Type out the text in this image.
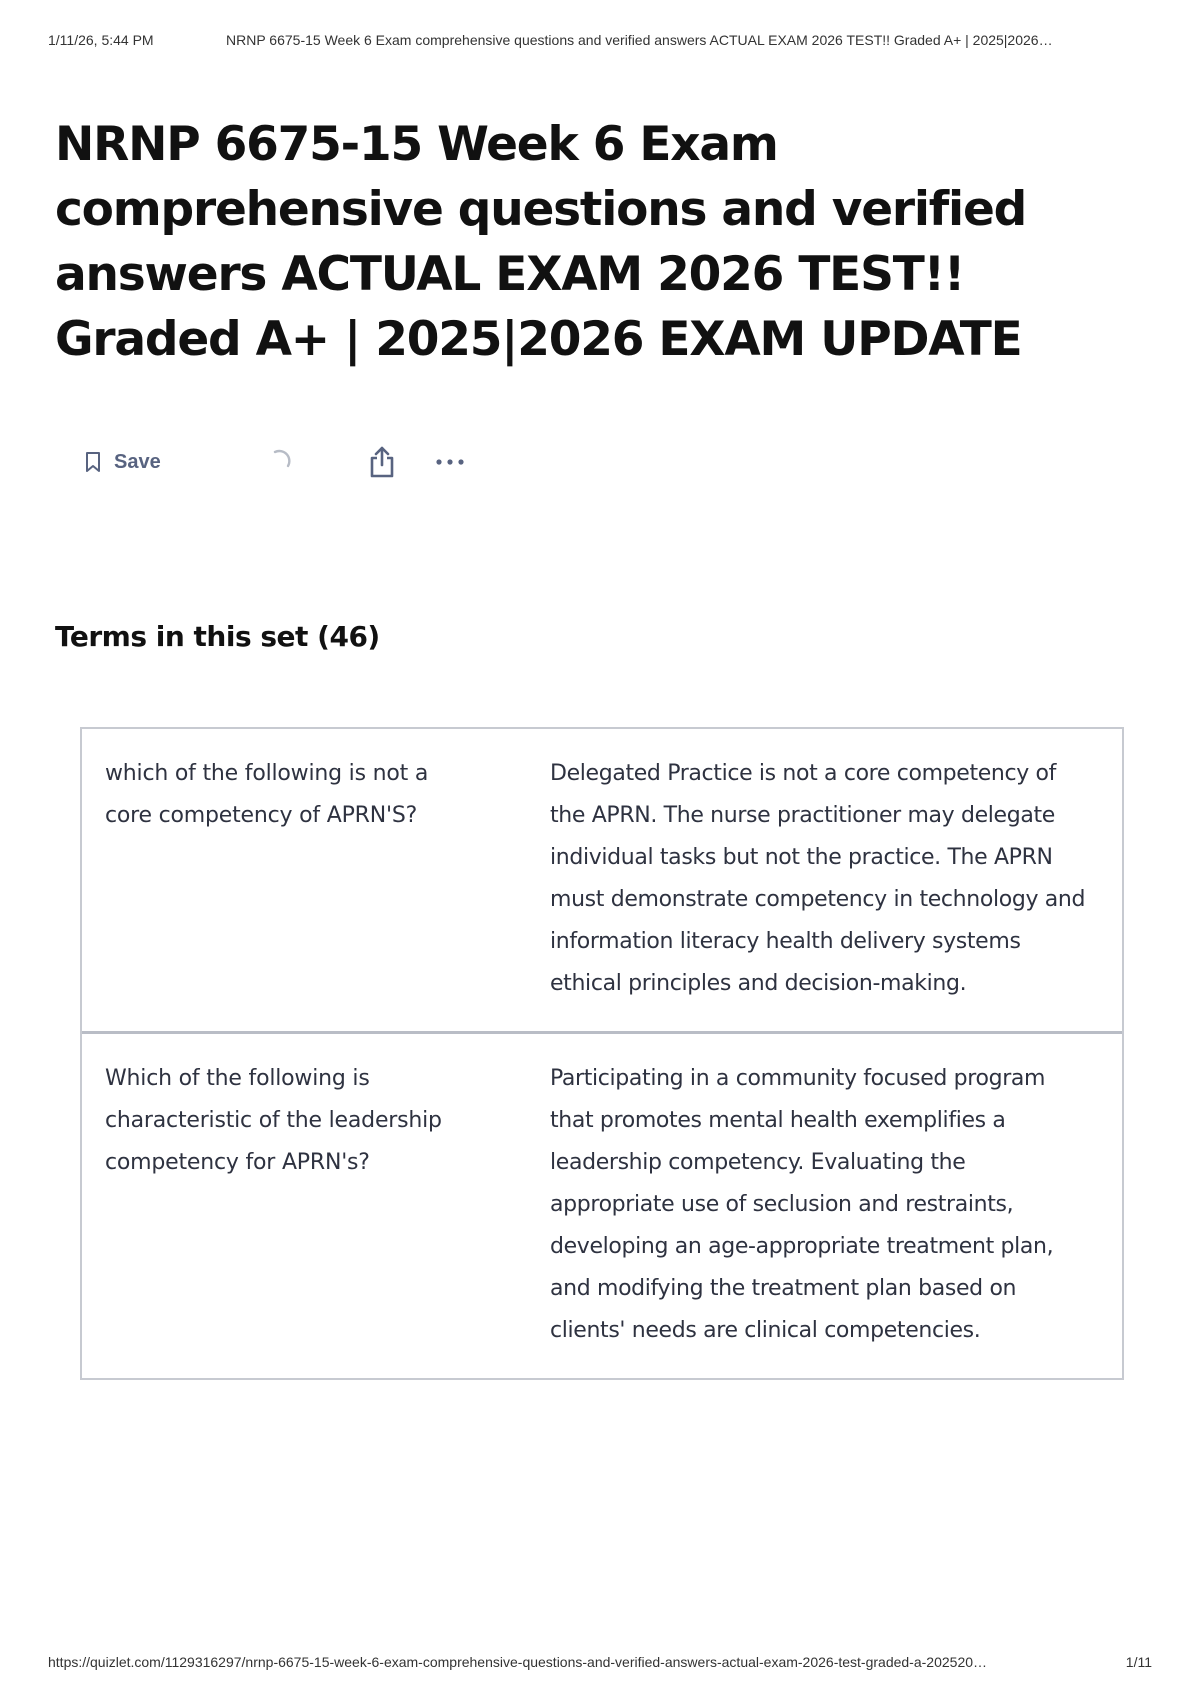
1/11/26, 5:44 PM	NRNP 6675-15 Week 6 Exam comprehensive questions and verified answers ACTUAL EXAM 2026 TEST!! Graded A+ | 2025|2026…
NRNP 6675-15 Week 6 Exam comprehensive questions and verified answers ACTUAL EXAM 2026 TEST!! Graded A+ | 2025|2026 EXAM UPDATE
Save
Terms in this set (46)
which of the following is not a core competency of APRN'S?
Delegated Practice is not a core competency of the APRN. The nurse practitioner may delegate individual tasks but not the practice. The APRN must demonstrate competency in technology and information literacy health delivery systems ethical principles and decision-making.
Which of the following is characteristic of the leadership competency for APRN's?
Participating in a community focused program that promotes mental health exemplifies a leadership competency. Evaluating the appropriate use of seclusion and restraints, developing an age-appropriate treatment plan, and modifying the treatment plan based on clients' needs are clinical competencies.
https://quizlet.com/1129316297/nrnp-6675-15-week-6-exam-comprehensive-questions-and-verified-answers-actual-exam-2026-test-graded-a-202520…	1/11
